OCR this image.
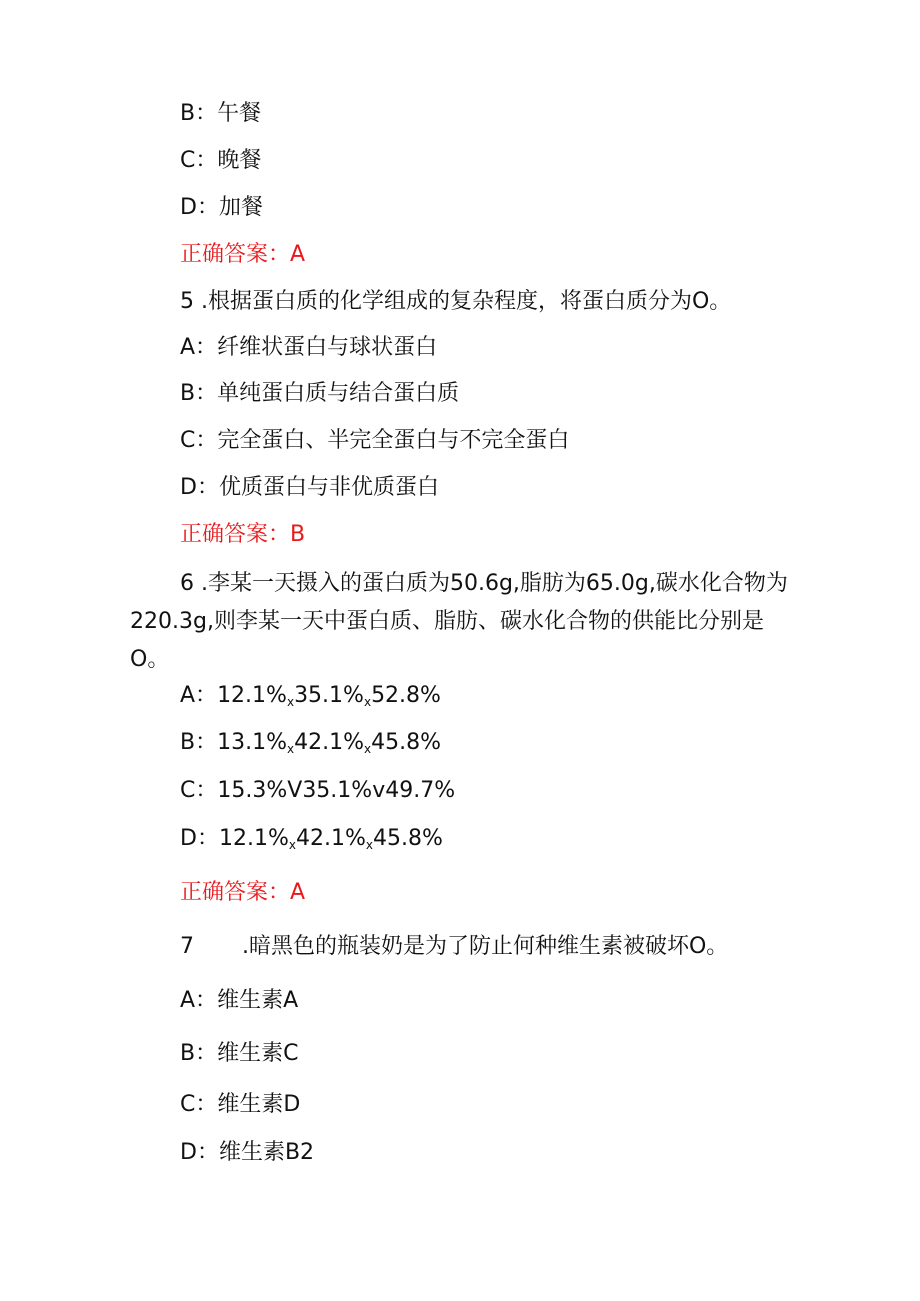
B：午餐
C：晚餐
D：加餐
正确答案：A
5 .根据蛋白质的化学组成的复杂程度，将蛋白质分为O。
A：纤维状蛋白与球状蛋白
B：单纯蛋白质与结合蛋白质
C：完全蛋白、半完全蛋白与不完全蛋白
D：优质蛋白与非优质蛋白
正确答案：B
6 .李某一天摄入的蛋白质为50.6g,脂肪为65.0g,碳水化合物为220.3g,则李某一天中蛋白质、脂肪、碳水化合物的供能比分别是O。
A：$12.1\%_x35.1\%_x52.8\%$
B：$13.1\%_x42.1\%_x45.8\%$
C：15.3%V35.1%v49.7%
D：$12.1\%_x42.1\%_x45.8\%$
正确答案：A
7 .暗黑色的瓶装奶是为了防止何种维生素被破坏O。
A：维生素A
B：维生素C
C：维生素D
D：维生素B2
